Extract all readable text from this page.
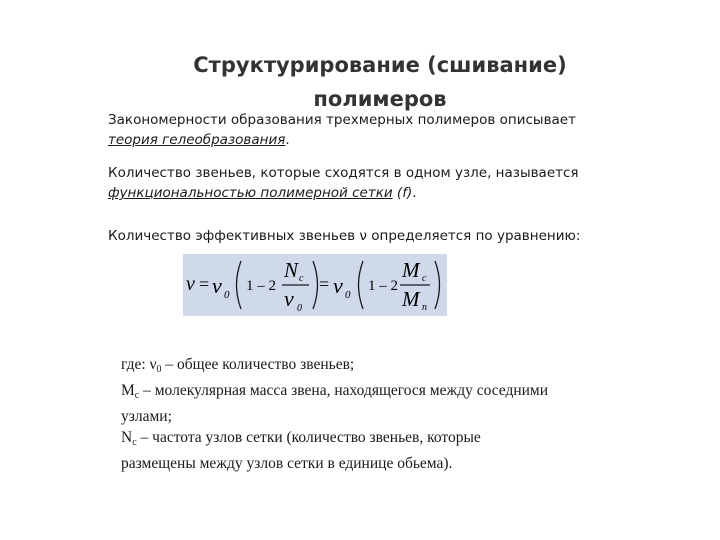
Структурирование (сшивание)
полимеров
Закономерности образования трехмерных полимеров описывает
теория гелеобразования.
Количество звеньев, которые сходятся в одном узле, называется
функциональностью полимерной сетки (f).
Количество эффективных звеньев ν определяется по уравнению:
ν = ν 0
1 – 2
N c
ν 0
= ν 0
1 – 2
M c
M n
где: $\nu_0$ – общее количество звеньев;
$M_c$ – молекулярная масса звена, находящегося между соседними
узлами;
$N_c$ – частота узлов сетки (количество звеньев, которые
размещены между узлов сетки в единице обьема).
